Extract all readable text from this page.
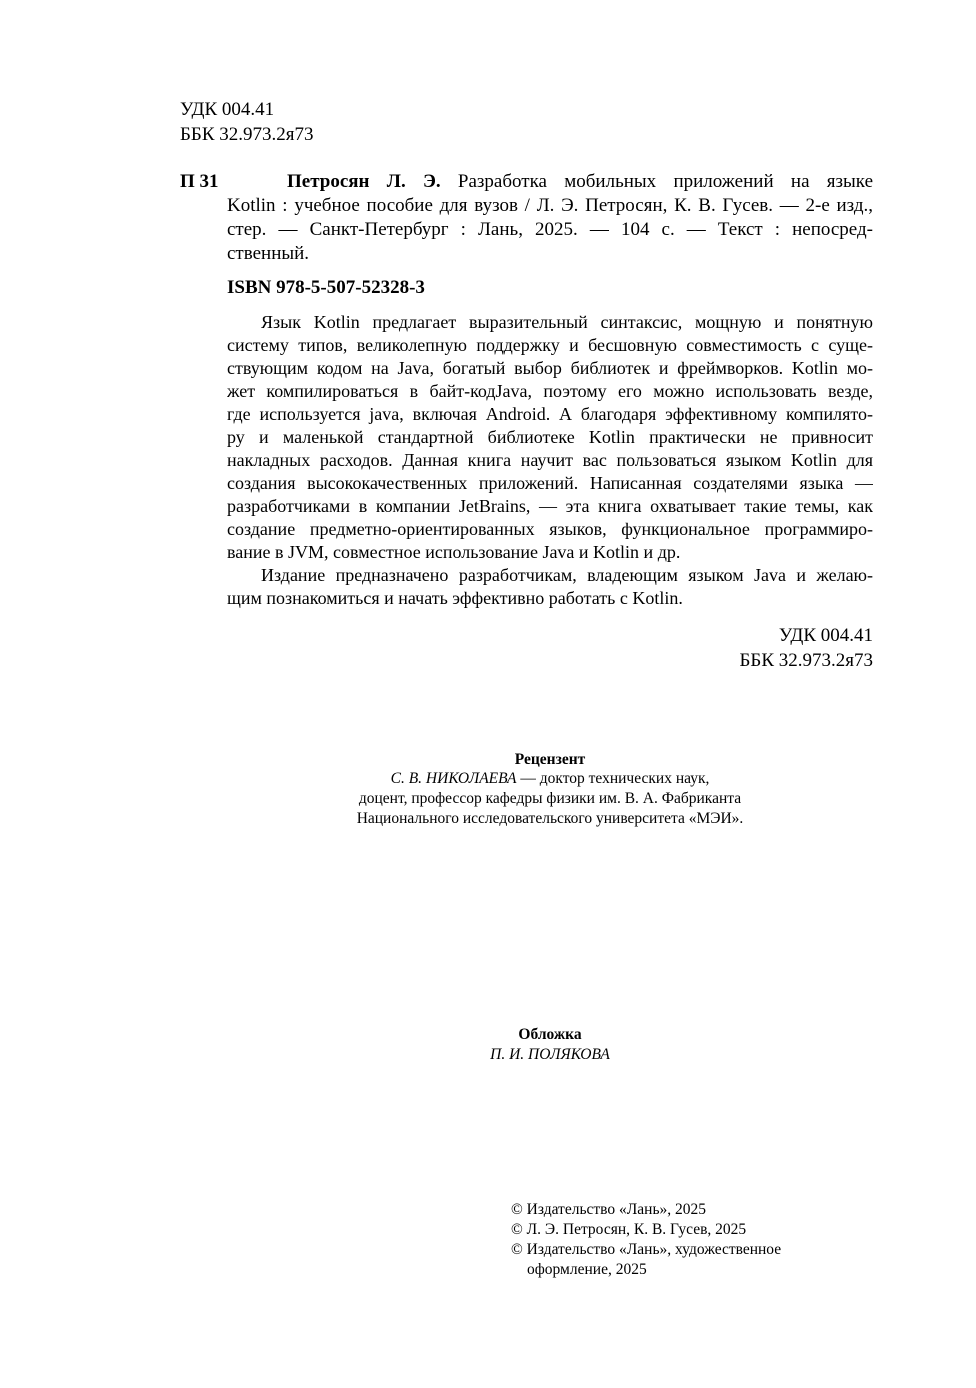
УДК 004.41
ББК 32.973.2я73
П 31	Петросян Л. Э. Разработка мобильных приложений на языке
Kotlin : учебное пособие для вузов / Л. Э. Петросян, К. В. Гусев. — 2-е изд.,
стер. — Санкт-Петербург : Лань, 2025. — 104 с. — Текст : непосред-
ственный.
ISBN 978-5-507-52328-3
Язык Kotlin предлагает выразительный синтаксис, мощную и понятную
систему типов, великолепную поддержку и бесшовную совместимость с суще-
ствующим кодом на Java, богатый выбор библиотек и фреймворков. Kotlin мо-
жет компилироваться в байт-кодJava, поэтому его можно использовать везде,
где используется java, включая Android. А благодаря эффективному компилято-
ру и маленькой стандартной библиотеке Kotlin практически не привносит
накладных расходов. Данная книга научит вас пользоваться языком Kotlin для
создания высококачественных приложений. Написанная создателями языка —
разработчиками в компании JetBrains, — эта книга охватывает такие темы, как
создание предметно-ориентированных языков, функциональное программиро-
вание в JVM, совместное использование Java и Kotlin и др.
Издание предназначено разработчикам, владеющим языком Java и желаю-
щим познакомиться и начать эффективно работать с Kotlin.
УДК 004.41
ББК 32.973.2я73
Рецензент
С. В. НИКОЛАЕВА — доктор технических наук,
доцент, профессор кафедры физики им. В. А. Фабриканта
Национального исследовательского университета «МЭИ».
Обложка
П. И. ПОЛЯКОВА
© Издательство «Лань», 2025
© Л. Э. Петросян, К. В. Гусев, 2025
© Издательство «Лань», художественное
оформление, 2025
